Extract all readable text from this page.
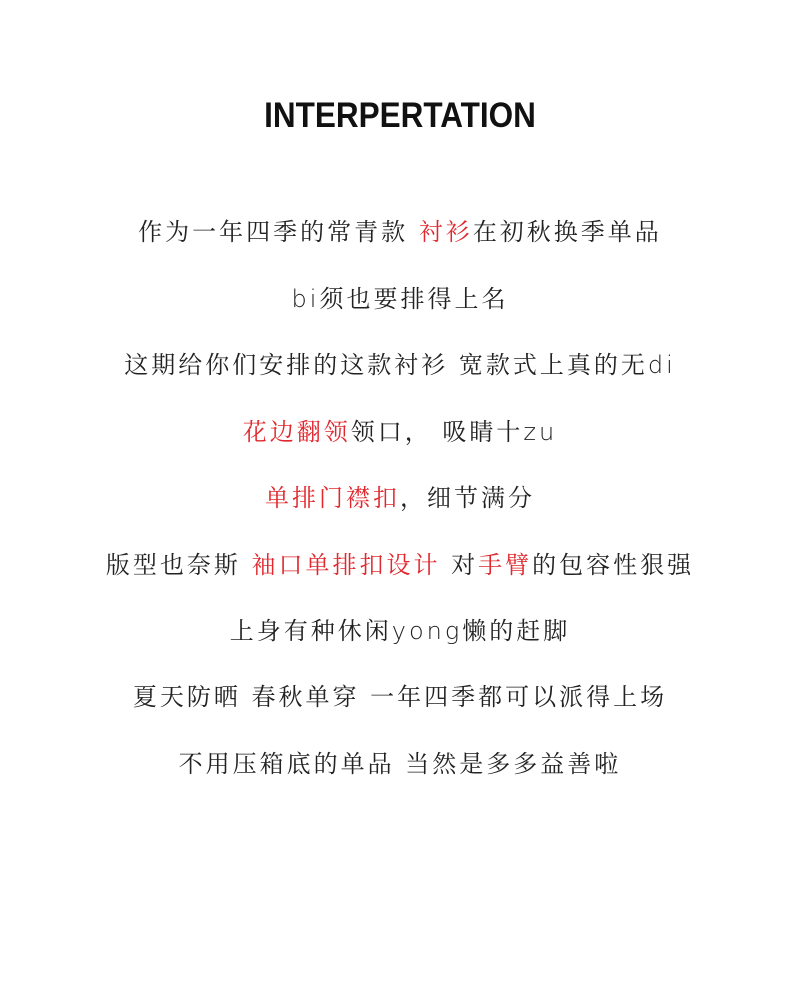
INTERPERTATION
作为一年四季的常青款 衬衫在初秋换季单品
bi须也要排得上名
这期给你们安排的这款衬衫 宽款式上真的无di
花边翻领领口， 吸睛十zu
单排门襟扣，细节满分
版型也奈斯 袖口单排扣设计 对手臂的包容性狠强
上身有种休闲yong懒的赶脚
夏天防晒 春秋单穿 一年四季都可以派得上场
不用压箱底的单品 当然是多多益善啦
